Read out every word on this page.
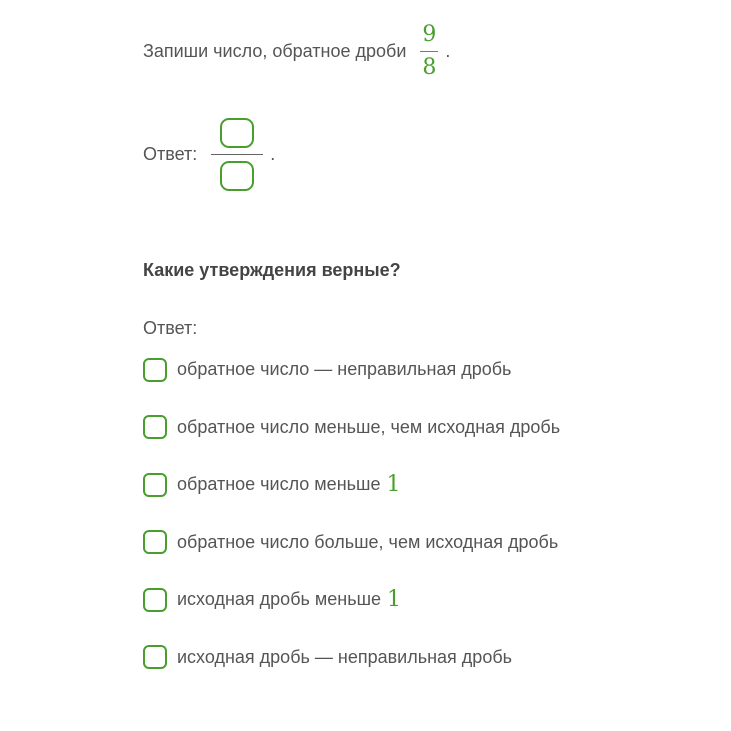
Запиши число, обратное дроби $\frac{9}{8}$ .
Ответ:	.
Какие утверждения верные?
Ответ:
обратное число — неправильная дробь
обратное число меньше, чем исходная дробь
обратное число меньше 1
обратное число больше, чем исходная дробь
исходная дробь меньше 1
исходная дробь — неправильная дробь
